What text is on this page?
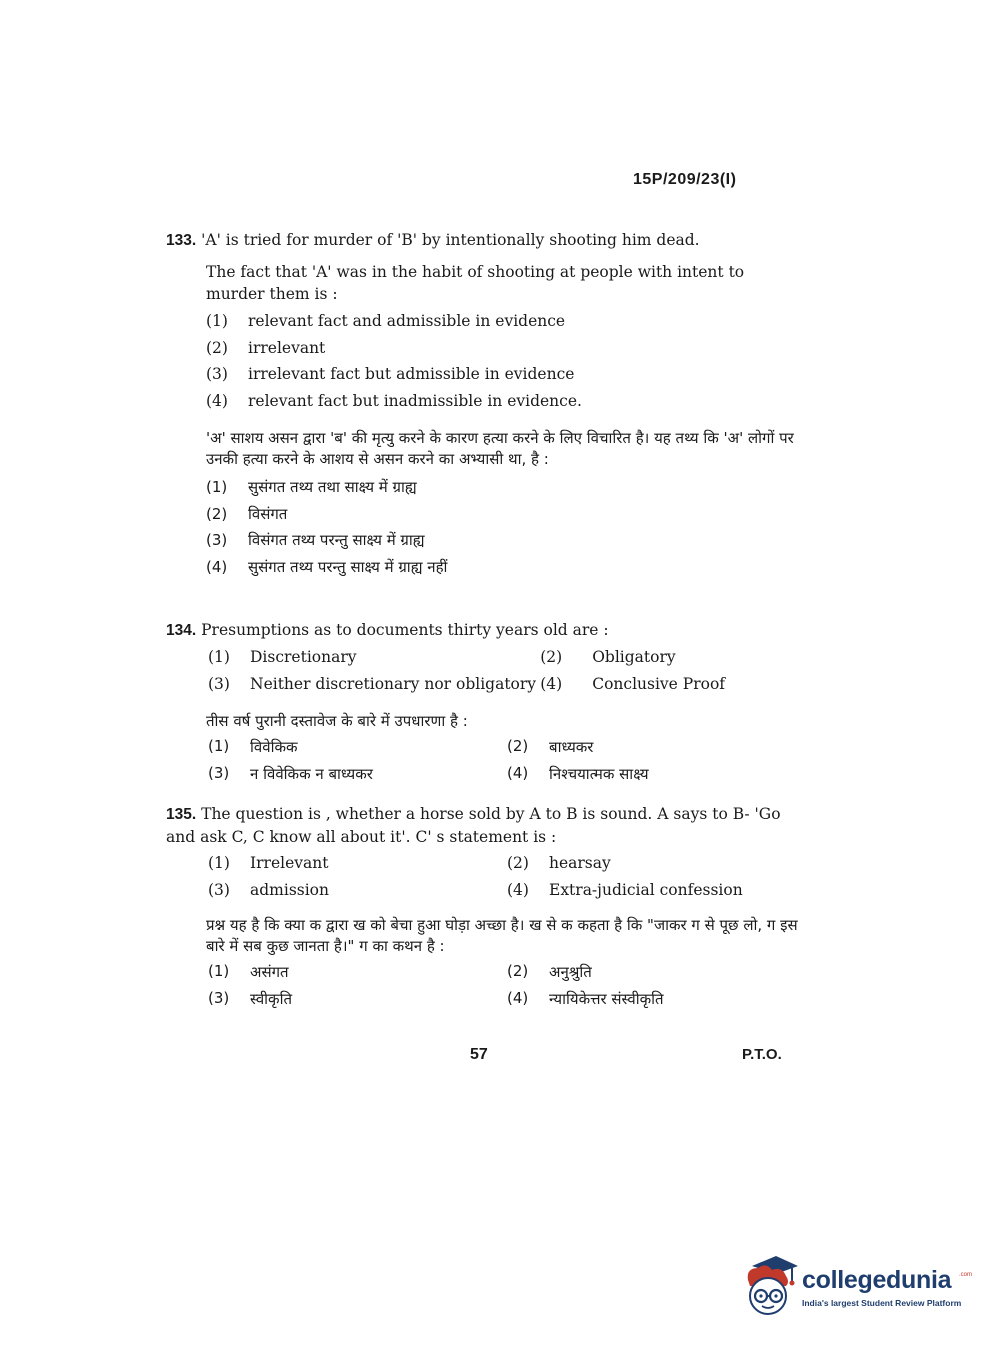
15P/209/23(I)
133. 'A' is tried for murder of 'B' by intentionally shooting him dead.
The fact that 'A' was in the habit of shooting at people with intent to murder them is :
(1)	relevant fact and admissible in evidence
(2)	irrelevant
(3)	irrelevant fact but admissible in evidence
(4)	relevant fact but inadmissible in evidence.
'अ' साशय असन द्वारा 'ब' की मृत्यु करने के कारण हत्या करने के लिए विचारित है। यह तथ्य कि 'अ' लोगों पर उनकी हत्या करने के आशय से असन करने का अभ्यासी था, है :
(1)	सुसंगत तथ्य तथा साक्ष्य में ग्राह्य
(2)	विसंगत
(3)	विसंगत तथ्य परन्तु साक्ष्य में ग्राह्य
(4)	सुसंगत तथ्य परन्तु साक्ष्य में ग्राह्य नहीं
134. Presumptions as to documents thirty years old are :
(1)	Discretionary	(2)	Obligatory
(3)	Neither discretionary nor obligatory (4)	Conclusive Proof
तीस वर्ष पुरानी दस्तावेज के बारे में उपधारणा है :
(1)	विवेकिक	(2)	बाध्यकर
(3)	न विवेकिक न बाध्यकर	(4)	निश्चयात्मक साक्ष्य
135. The question is , whether a horse sold by A to B is sound. A says to B- 'Go and ask C, C know all about it'. C' s statement is :
(1)	Irrelevant	(2)	hearsay
(3)	admission	(4)	Extra-judicial confession
प्रश्न यह है कि क्या क द्वारा ख को बेचा हुआ घोड़ा अच्छा है। ख से क कहता है कि "जाकर ग से पूछ लो, ग इस बारे में सब कुछ जानता है।" ग का कथन है :
(1)	असंगत	(2)	अनुश्रुति
(3)	स्वीकृति	(4)	न्यायिकेत्तर संस्वीकृति
57	P.T.O.
collegedunia .com
India's largest Student Review Platform
